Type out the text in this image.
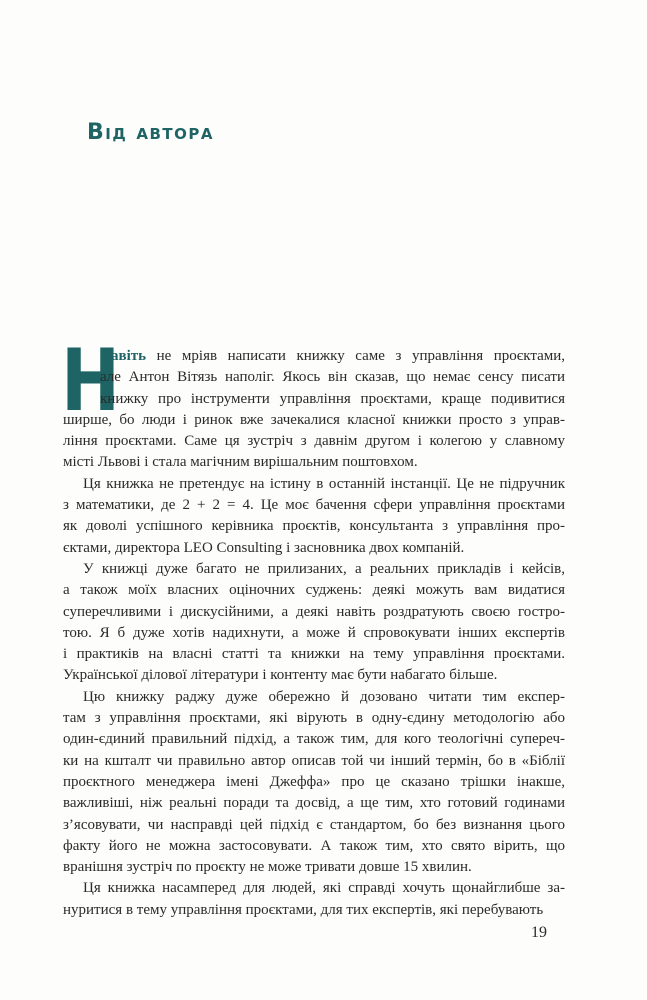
Від автора
Н
авіть не мріяв написати книжку саме з управління проєктами,
але Антон Вітязь наполіг. Якось він сказав, що немає сенсу писати
книжку про інструменти управління проєктами, краще подивитися
ширше, бо люди і ринок вже зачекалися класної книжки просто з управ-
ління проєктами. Саме ця зустріч з давнім другом і колегою у славному
місті Львові і стала магічним вирішальним поштовхом.
Ця книжка не претендує на істину в останній інстанції. Це не підручник
з математики, де 2 + 2 = 4. Це моє бачення сфери управління проєктами
як доволі успішного керівника проєктів, консультанта з управління про-
єктами, директора LEO Consulting і засновника двох компаній.
У книжці дуже багато не прилизаних, а реальних прикладів і кейсів,
а також моїх власних оціночних суджень: деякі можуть вам видатися
суперечливими і дискусійними, а деякі навіть роздратують своєю гостро-
тою. Я б дуже хотів надихнути, а може й спровокувати інших експертів
і практиків на власні статті та книжки на тему управління проєктами.
Української ділової літератури і контенту має бути набагато більше.
Цю книжку раджу дуже обережно й дозовано читати тим експер-
там з управління проєктами, які вірують в одну-єдину методологію або
один-єдиний правильний підхід, а також тим, для кого теологічні супереч-
ки на кшталт чи правильно автор описав той чи інший термін, бо в «Біблії
проєктного менеджера імені Джеффа» про це сказано трішки інакше,
важливіші, ніж реальні поради та досвід, а ще тим, хто готовий годинами
з’ясовувати, чи насправді цей підхід є стандартом, бо без визнання цього
факту його не можна застосовувати. А також тим, хто свято вірить, що
вранішня зустріч по проєкту не може тривати довше 15 хвилин.
Ця книжка насамперед для людей, які справді хочуть щонайглибше за-
нуритися в тему управління проєктами, для тих експертів, які перебувають
19
